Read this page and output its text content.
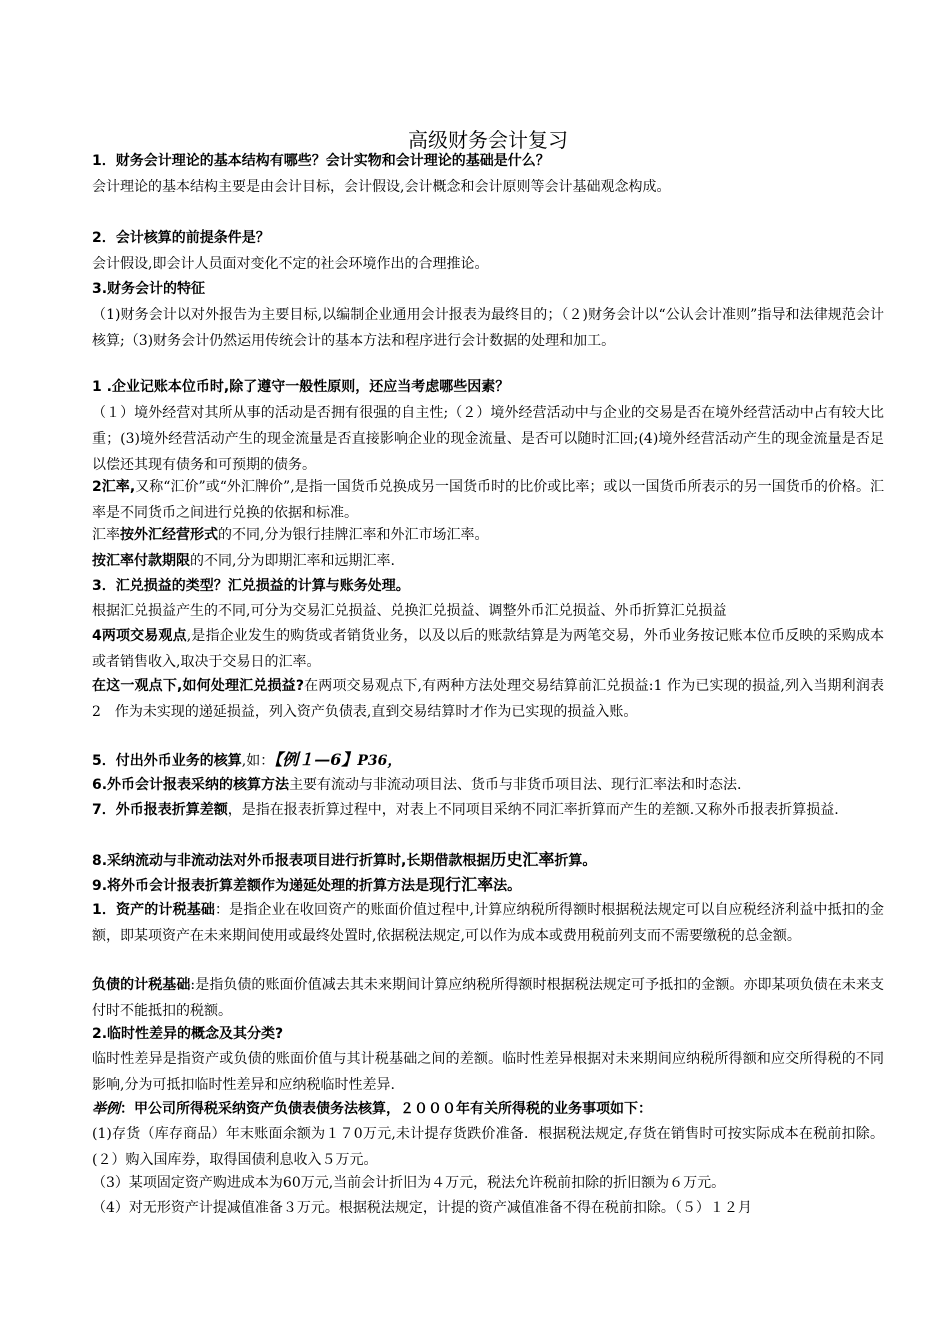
高级财务会计复习
1．财务会计理论的基本结构有哪些？会计实物和会计理论的基础是什么？
会计理论的基本结构主要是由会计目标，会计假设,会计概念和会计原则等会计基础观念构成。
2．会计核算的前提条件是？
会计假设,即会计人员面对变化不定的社会环境作出的合理推论。
3.财务会计的特征
（1)财务会计以对外报告为主要目标,以编制企业通用会计报表为最终目的；（２)财务会计以“公认会计准则”指导和法律规范会计核算;（3)财务会计仍然运用传统会计的基本方法和程序进行会计数据的处理和加工。
1 .企业记账本位币时,除了遵守一般性原则，还应当考虑哪些因素？
（１）境外经营对其所从事的活动是否拥有很强的自主性;（２）境外经营活动中与企业的交易是否在境外经营活动中占有较大比重；(3)境外经营活动产生的现金流量是否直接影响企业的现金流量、是否可以随时汇回;(4)境外经营活动产生的现金流量是否足以偿还其现有债务和可预期的债务。
2汇率,又称“汇价”或“外汇牌价”,是指一国货币兑换成另一国货币时的比价或比率；或以一国货币所表示的另一国货币的价格。汇率是不同货币之间进行兑换的依据和标准。
汇率按外汇经营形式的不同,分为银行挂牌汇率和外汇市场汇率。
按汇率付款期限的不同,分为即期汇率和远期汇率.
3．汇兑损益的类型？汇兑损益的计算与账务处理。
根据汇兑损益产生的不同,可分为交易汇兑损益、兑换汇兑损益、调整外币汇兑损益、外币折算汇兑损益
4两项交易观点,是指企业发生的购货或者销货业务，以及以后的账款结算是为两笔交易，外币业务按记账本位币反映的采购成本或者销售收入,取决于交易日的汇率。
在这一观点下,如何处理汇兑损益?在两项交易观点下,有两种方法处理交易结算前汇兑损益:1 作为已实现的损益,列入当期利润表　2　作为未实现的递延损益，列入资产负债表,直到交易结算时才作为已实现的损益入账。
5．付出外币业务的核算,如：【例１—6】P36，
6.外币会计报表采纳的核算方法主要有流动与非流动项目法、货币与非货币项目法、现行汇率法和时态法.
7．外币报表折算差额，是指在报表折算过程中，对表上不同项目采纳不同汇率折算而产生的差额.又称外币报表折算损益.
8.采纳流动与非流动法对外币报表项目进行折算时,长期借款根据历史汇率折算。
9.将外币会计报表折算差额作为递延处理的折算方法是现行汇率法。
1．资产的计税基础：是指企业在收回资产的账面价值过程中,计算应纳税所得额时根据税法规定可以自应税经济利益中抵扣的金额，即某项资产在未来期间使用或最终处置时,依据税法规定,可以作为成本或费用税前列支而不需要缴税的总金额。
负债的计税基础:是指负债的账面价值减去其未来期间计算应纳税所得额时根据税法规定可予抵扣的金额。亦即某项负债在未来支付时不能抵扣的税额。
2.临时性差异的概念及其分类?
临时性差异是指资产或负债的账面价值与其计税基础之间的差额。临时性差异根据对未来期间应纳税所得额和应交所得税的不同影响,分为可抵扣临时性差异和应纳税临时性差异.
举例：甲公司所得税采纳资产负债表债务法核算，２０００年有关所得税的业务事项如下：
(1)存货（库存商品）年末账面余额为１７0万元,未计提存货跌价准备．根据税法规定,存货在销售时可按实际成本在税前扣除。(２）购入国库券，取得国债利息收入５万元。
（3）某项固定资产购进成本为60万元,当前会计折旧为４万元，税法允许税前扣除的折旧额为６万元。
（4）对无形资产计提减值准备３万元。根据税法规定，计提的资产减值准备不得在税前扣除。（５）１２月
